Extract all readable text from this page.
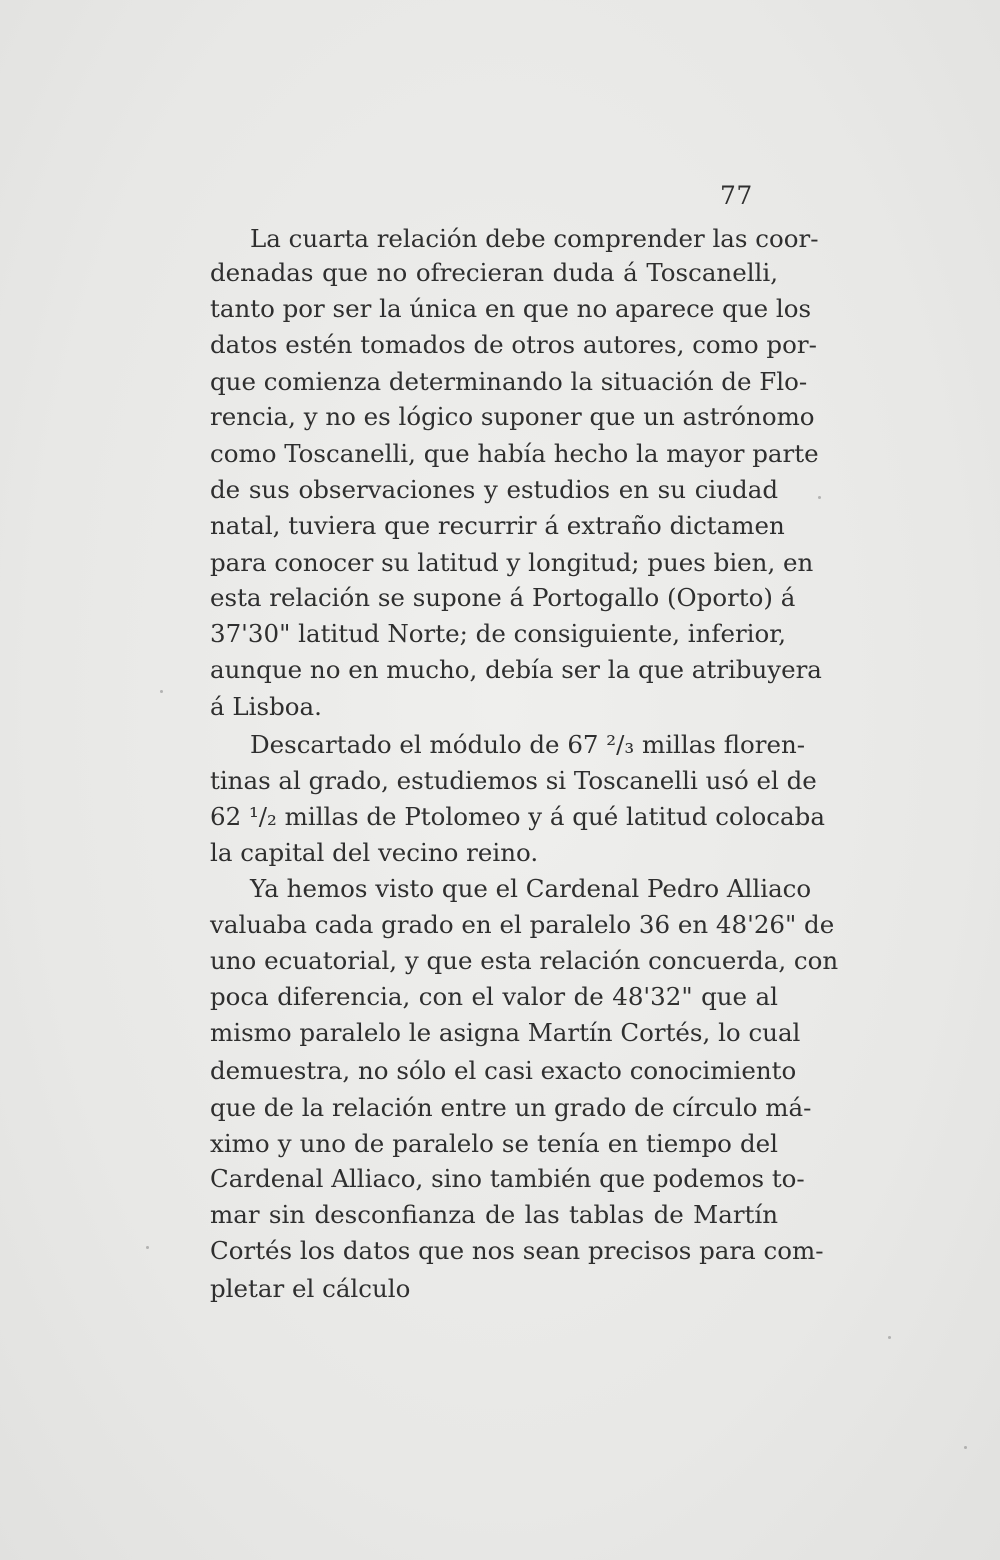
77
La cuarta relación debe comprender las coor-
denadas que no ofrecieran duda á Toscanelli,
tanto por ser la única en que no aparece que los
datos estén tomados de otros autores, como por-
que comienza determinando la situación de Flo-
rencia, y no es lógico suponer que un astrónomo
como Toscanelli, que había hecho la mayor parte
de sus observaciones y estudios en su ciudad
natal, tuviera que recurrir á extraño dictamen
para conocer su latitud y longitud; pues bien, en
esta relación se supone á Portogallo (Oporto) á
37'30" latitud Norte; de consiguiente, inferior,
aunque no en mucho, debía ser la que atribuyera
á Lisboa.
Descartado el módulo de 67 ²/₃ millas floren-
tinas al grado, estudiemos si Toscanelli usó el de
62 ¹/₂ millas de Ptolomeo y á qué latitud colocaba
la capital del vecino reino.
Ya hemos visto que el Cardenal Pedro Alliaco
valuaba cada grado en el paralelo 36 en 48'26" de
uno ecuatorial, y que esta relación concuerda, con
poca diferencia, con el valor de 48'32" que al
mismo paralelo le asigna Martín Cortés, lo cual
demuestra, no sólo el casi exacto conocimiento
que de la relación entre un grado de círculo má-
ximo y uno de paralelo se tenía en tiempo del
Cardenal Alliaco, sino también que podemos to-
mar sin desconfianza de las tablas de Martín
Cortés los datos que nos sean precisos para com-
pletar el cálculo
